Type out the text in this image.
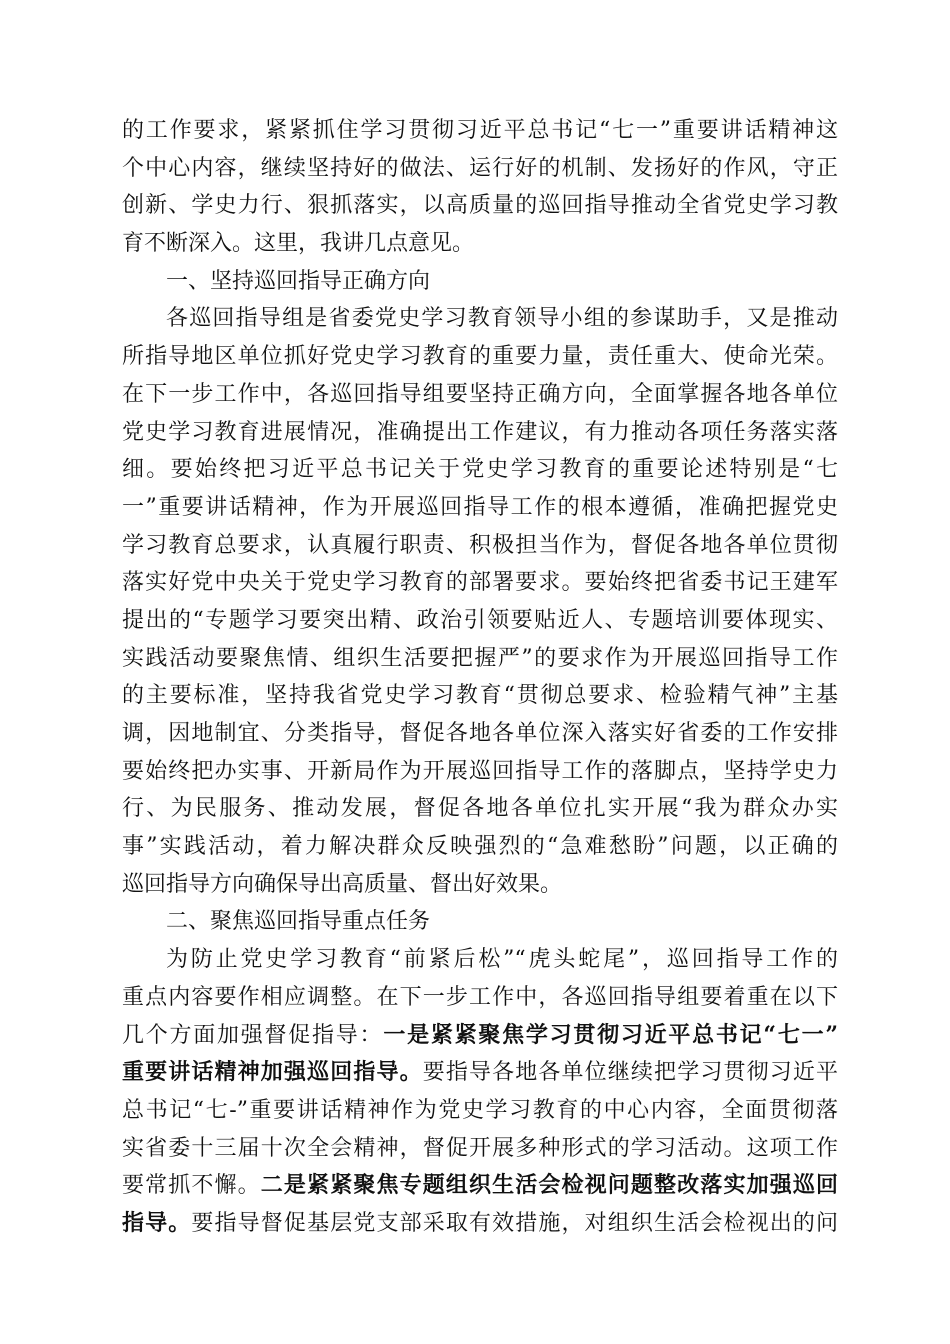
的工作要求，紧紧抓住学习贯彻习近平总书记“七一”重要讲话精神这
个中心内容，继续坚持好的做法、运行好的机制、发扬好的作风，守正
创新、学史力行、狠抓落实，以高质量的巡回指导推动全省党史学习教
育不断深入。这里，我讲几点意见。
一、坚持巡回指导正确方向
各巡回指导组是省委党史学习教育领导小组的参谋助手，又是推动
所指导地区单位抓好党史学习教育的重要力量，责任重大、使命光荣。
在下一步工作中，各巡回指导组要坚持正确方向，全面掌握各地各单位
党史学习教育进展情况，准确提出工作建议，有力推动各项任务落实落
细。要始终把习近平总书记关于党史学习教育的重要论述特别是“七
一”重要讲话精神，作为开展巡回指导工作的根本遵循，准确把握党史
学习教育总要求，认真履行职责、积极担当作为，督促各地各单位贯彻
落实好党中央关于党史学习教育的部署要求。要始终把省委书记王建军
提出的“专题学习要突出精、政治引领要贴近人、专题培训要体现实、
实践活动要聚焦情、组织生活要把握严”的要求作为开展巡回指导工作
的主要标准，坚持我省党史学习教育“贯彻总要求、检验精气神”主基
调，因地制宜、分类指导，督促各地各单位深入落实好省委的工作安排
要始终把办实事、开新局作为开展巡回指导工作的落脚点，坚持学史力
行、为民服务、推动发展，督促各地各单位扎实开展“我为群众办实
事”实践活动，着力解决群众反映强烈的“急难愁盼”问题，以正确的
巡回指导方向确保导出高质量、督出好效果。
二、聚焦巡回指导重点任务
为防止党史学习教育“前紧后松”“虎头蛇尾”，巡回指导工作的
重点内容要作相应调整。在下一步工作中，各巡回指导组要着重在以下
几个方面加强督促指导：一是紧紧聚焦学习贯彻习近平总书记“七一”
重要讲话精神加强巡回指导。要指导各地各单位继续把学习贯彻习近平
总书记“七-”重要讲话精神作为党史学习教育的中心内容，全面贯彻落
实省委十三届十次全会精神，督促开展多种形式的学习活动。这项工作
要常抓不懈。二是紧紧聚焦专题组织生活会检视问题整改落实加强巡回
指导。要指导督促基层党支部采取有效措施，对组织生活会检视出的问
